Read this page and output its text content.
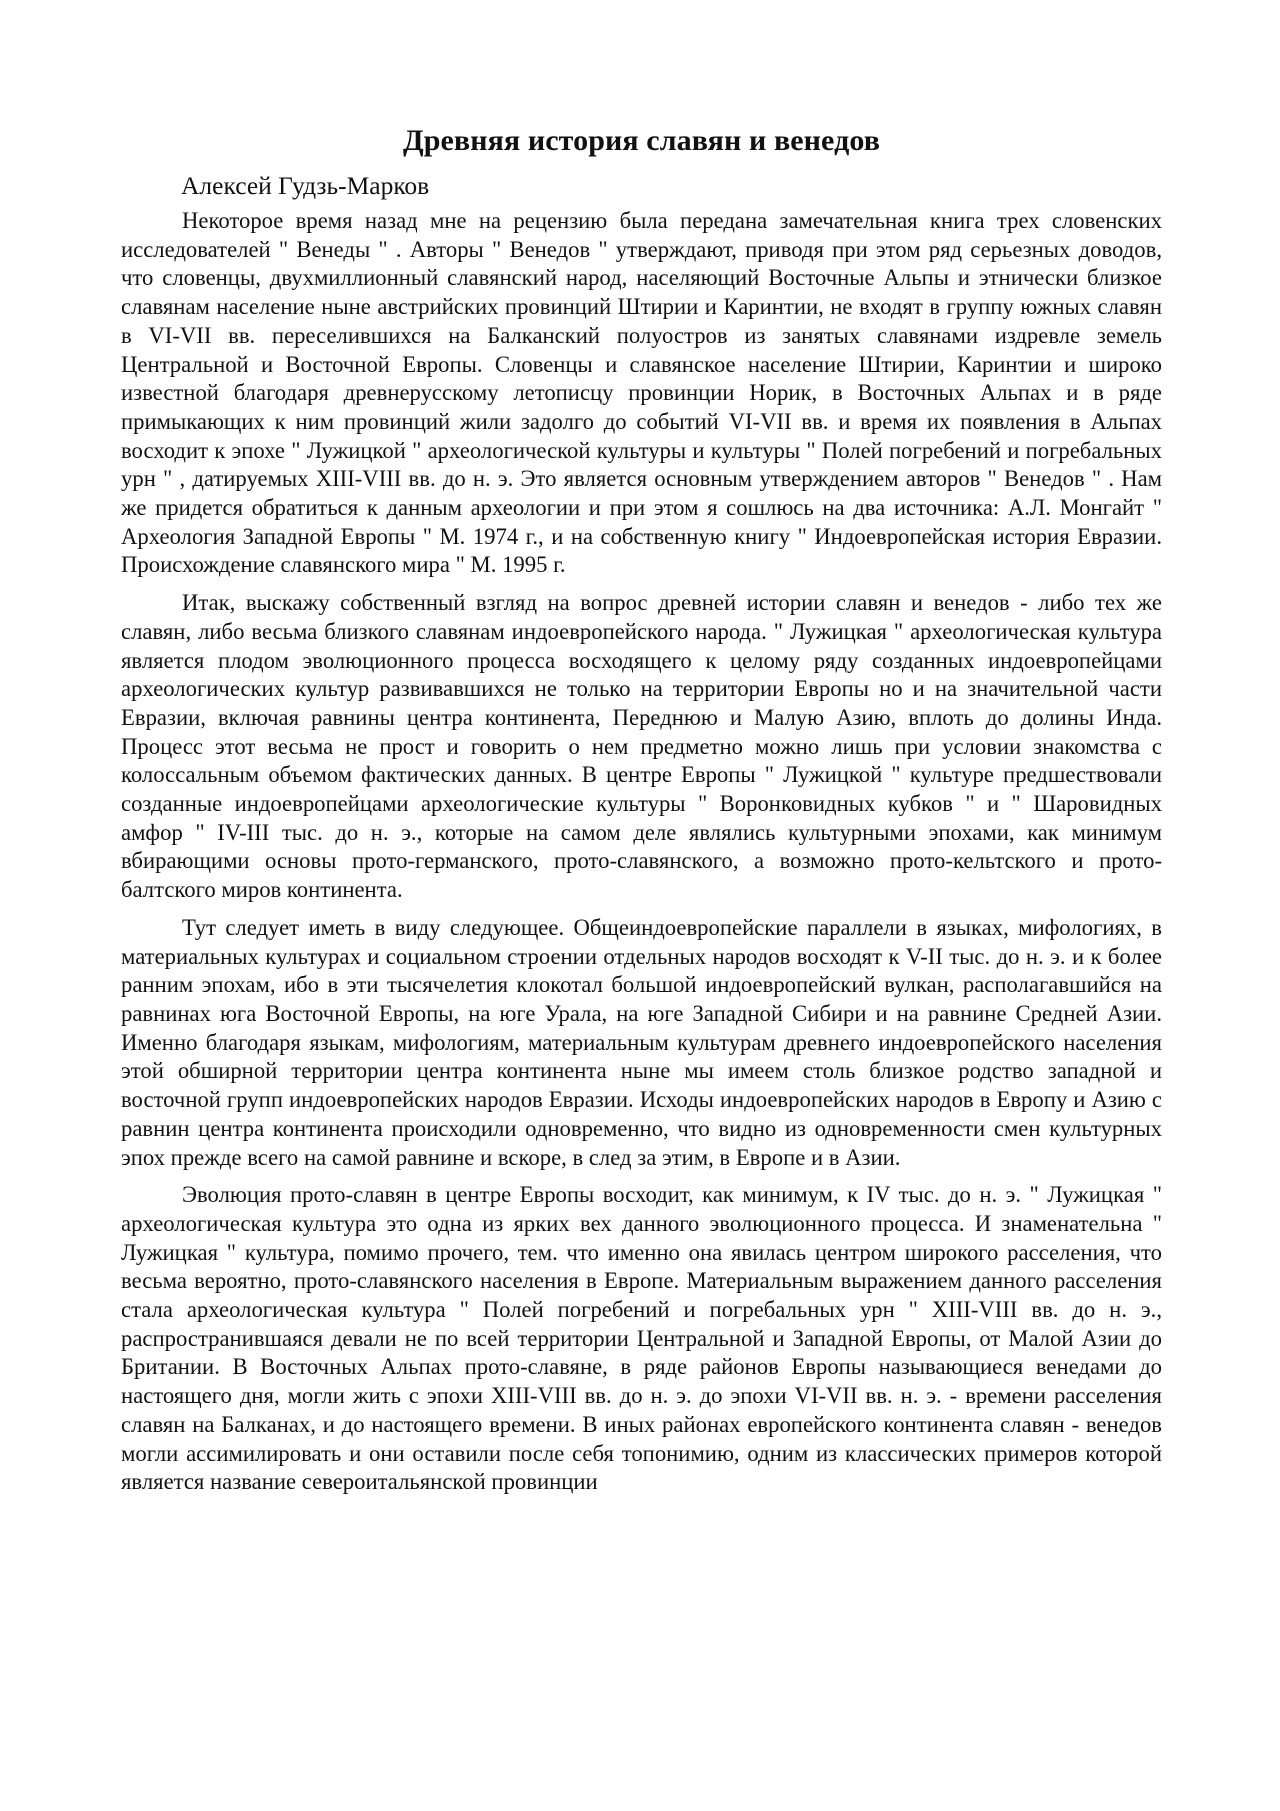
Древняя история славян и венедов

Алексей Гудзь-Марков

Некоторое время назад мне на рецензию была передана замечательная книга трех словенских исследователей " Венеды " . Авторы " Венедов " утверждают, приводя при этом ряд серьезных доводов, что словенцы, двухмиллионный славянский народ, населяющий Восточные Альпы и этнически близкое славянам население ныне австрийских провинций Штирии и Каринтии, не входят в группу южных славян в VI-VII вв. переселившихся на Балканский полуостров из занятых славянами издревле земель Центральной и Восточной Европы. Словенцы и славянское население Штирии, Каринтии и широко известной благодаря древнерусскому летописцу провинции Норик, в Восточных Альпах и в ряде примыкающих к ним провинций жили задолго до событий VI-VII вв. и время их появления в Альпах восходит к эпохе " Лужицкой " археологической культуры и культуры " Полей погребений и погребальных урн " , датируемых XIII-VIII вв. до н. э. Это является основным утверждением авторов " Венедов " . Нам же придется обратиться к данным археологии и при этом я сошлюсь на два источника: А.Л. Монгайт " Археология Западной Европы " М. 1974 г., и на собственную книгу " Индоевропейская история Евразии. Происхождение славянского мира " М. 1995 г.

Итак, выскажу собственный взгляд на вопрос древней истории славян и венедов - либо тех же славян, либо весьма близкого славянам индоевропейского народа. " Лужицкая " археологическая культура является плодом эволюционного процесса восходящего к целому ряду созданных индоевропейцами археологических культур развивавшихся не только на территории Европы но и на значительной части Евразии, включая равнины центра континента, Переднюю и Малую Азию, вплоть до долины Инда. Процесс этот весьма не прост и говорить о нем предметно можно лишь при условии знакомства с колоссальным объемом фактических данных. В центре Европы " Лужицкой " культуре предшествовали созданные индоевропейцами археологические культуры " Воронковидных кубков " и " Шаровидных амфор " IV-III тыс. до н. э., которые на самом деле являлись культурными эпохами, как минимум вбирающими основы прото-германского, прото-славянского, а возможно прото-кельтского и прото-балтского миров континента.

Тут следует иметь в виду следующее. Общеиндоевропейские параллели в языках, мифологиях, в материальных культурах и социальном строении отдельных народов восходят к V-II тыс. до н. э. и к более ранним эпохам, ибо в эти тысячелетия клокотал большой индоевропейский вулкан, располагавшийся на равнинах юга Восточной Европы, на юге Урала, на юге Западной Сибири и на равнине Средней Азии. Именно благодаря языкам, мифологиям, материальным культурам древнего индоевропейского населения этой обширной территории центра континента ныне мы имеем столь близкое родство западной и восточной групп индоевропейских народов Евразии. Исходы индоевропейских народов в Европу и Азию с равнин центра континента происходили одновременно, что видно из одновременности смен культурных эпох прежде всего на самой равнине и вскоре, в след за этим, в Европе и в Азии.

Эволюция прото-славян в центре Европы восходит, как минимум, к IV тыс. до н. э. " Лужицкая " археологическая культура это одна из ярких вех данного эволюционного процесса. И знаменательна " Лужицкая " культура, помимо прочего, тем. что именно она явилась центром широкого расселения, что весьма вероятно, прото-славянского населения в Европе. Материальным выражением данного расселения стала археологическая культура " Полей погребений и погребальных урн " XIII-VIII вв. до н. э., распространившаяся девали не по всей территории Центральной и Западной Европы, от Малой Азии до Британии. В Восточных Альпах прото-славяне, в ряде районов Европы называющиеся венедами до настоящего дня, могли жить с эпохи XIII-VIII вв. до н. э. до эпохи VI-VII вв. н. э. - времени расселения славян на Балканах, и до настоящего времени. В иных районах европейского континента славян - венедов могли ассимилировать и они оставили после себя топонимию, одним из классических примеров которой является название североитальянской провинции
